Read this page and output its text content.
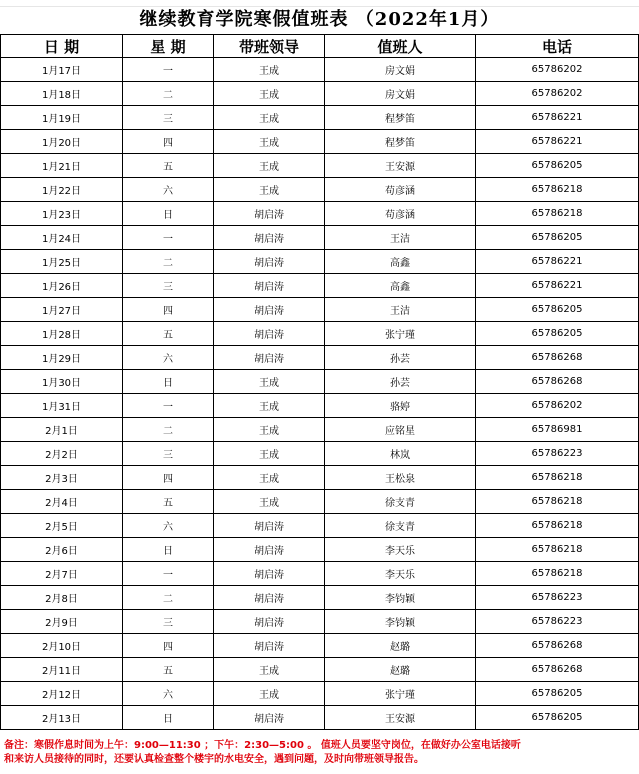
继续教育学院寒假值班表 （2022年1月）
日 期	星 期	带班领导	值班人	电话
1月17日	一	王成	房文娟	65786202
1月18日	二	王成	房文娟	65786202
1月19日	三	王成	程梦笛	65786221
1月20日	四	王成	程梦笛	65786221
1月21日	五	王成	王安源	65786205
1月22日	六	王成	苟彦涵	65786218
1月23日	日	胡启涛	苟彦涵	65786218
1月24日	一	胡启涛	王洁	65786205
1月25日	二	胡启涛	高鑫	65786221
1月26日	三	胡启涛	高鑫	65786221
1月27日	四	胡启涛	王洁	65786205
1月28日	五	胡启涛	张宁瑾	65786205
1月29日	六	胡启涛	孙芸	65786268
1月30日	日	王成	孙芸	65786268
1月31日	一	王成	骆婷	65786202
2月1日	二	王成	应铭星	65786981
2月2日	三	王成	林岚	65786223
2月3日	四	王成	王松泉	65786218
2月4日	五	王成	徐支青	65786218
2月5日	六	胡启涛	徐支青	65786218
2月6日	日	胡启涛	李天乐	65786218
2月7日	一	胡启涛	李天乐	65786218
2月8日	二	胡启涛	李钧颖	65786223
2月9日	三	胡启涛	李钧颖	65786223
2月10日	四	胡启涛	赵璐	65786268
2月11日	五	王成	赵璐	65786268
2月12日	六	王成	张宁瑾	65786205
2月13日	日	胡启涛	王安源	65786205
备注：寒假作息时间为上午：9:00—11:30 ；下午：2:30—5:00 。 值班人员要坚守岗位，在做好办公室电话接听
和来访人员接待的同时，还要认真检查整个楼宇的水电安全，遇到问题，及时向带班领导报告。
